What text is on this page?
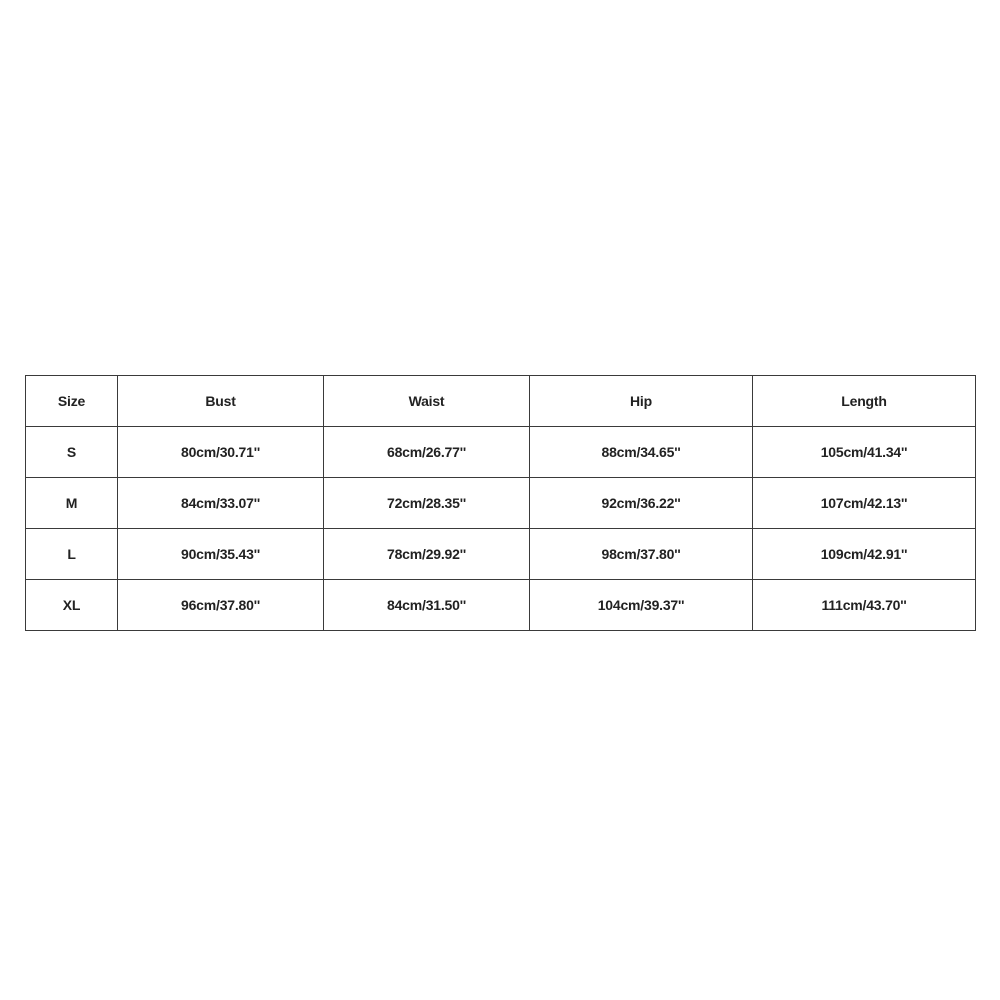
Size	Bust	Waist	Hip	Length
S	80cm/30.71''	68cm/26.77''	88cm/34.65''	105cm/41.34''
M	84cm/33.07''	72cm/28.35''	92cm/36.22''	107cm/42.13''
L	90cm/35.43''	78cm/29.92''	98cm/37.80''	109cm/42.91''
XL	96cm/37.80''	84cm/31.50''	104cm/39.37''	111cm/43.70''
